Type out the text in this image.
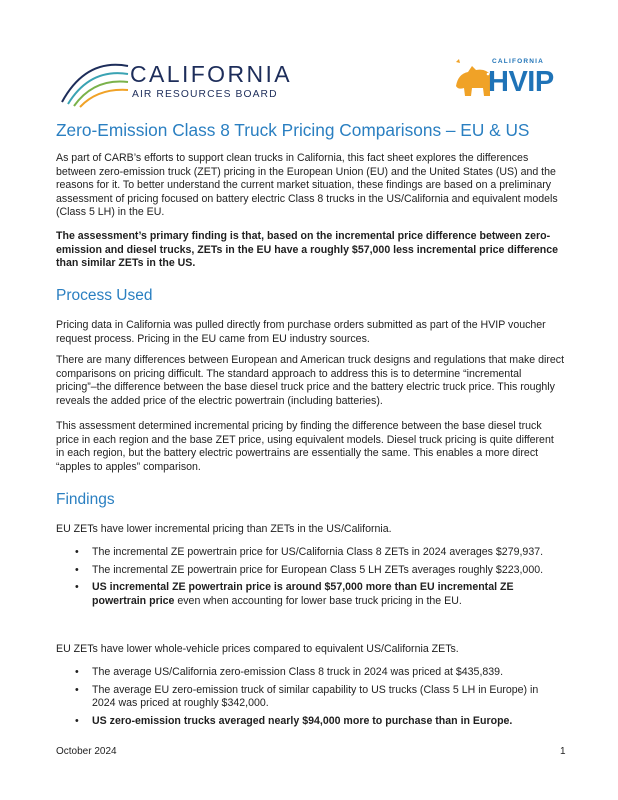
CALIFORNIA
AIR RESOURCES BOARD
CALIFORNIA
HVIP
Zero-Emission Class 8 Truck Pricing Comparisons – EU & US

As part of CARB’s efforts to support clean trucks in California, this fact sheet explores the differences between zero-emission truck (ZET) pricing in the European Union (EU) and the United States (US) and the reasons for it. To better understand the current market situation, these findings are based on a preliminary assessment of pricing focused on battery electric Class 8 trucks in the US/California and equivalent models (Class 5 LH) in the EU.

The assessment’s primary finding is that, based on the incremental price difference between zero-emission and diesel trucks, ZETs in the EU have a roughly $57,000 less incremental price difference than similar ZETs in the US.

Process Used

Pricing data in California was pulled directly from purchase orders submitted as part of the HVIP voucher request process. Pricing in the EU came from EU industry sources.

There are many differences between European and American truck designs and regulations that make direct comparisons on pricing difficult. The standard approach to address this is to determine “incremental pricing”–the difference between the base diesel truck price and the battery electric truck price. This roughly reveals the added price of the electric powertrain (including batteries).

This assessment determined incremental pricing by finding the difference between the base diesel truck price in each region and the base ZET price, using equivalent models. Diesel truck pricing is quite different in each region, but the battery electric powertrains are essentially the same. This enables a more direct “apples to apples” comparison.

Findings

EU ZETs have lower incremental pricing than ZETs in the US/California.

• The incremental ZE powertrain price for US/California Class 8 ZETs in 2024 averages $279,937.
• The incremental ZE powertrain price for European Class 5 LH ZETs averages roughly $223,000.
• US incremental ZE powertrain price is around $57,000 more than EU incremental ZE powertrain price even when accounting for lower base truck pricing in the EU.

EU ZETs have lower whole-vehicle prices compared to equivalent US/California ZETs.

• The average US/California zero-emission Class 8 truck in 2024 was priced at $435,839.
• The average EU zero-emission truck of similar capability to US trucks (Class 5 LH in Europe) in 2024 was priced at roughly $342,000.
• US zero-emission trucks averaged nearly $94,000 more to purchase than in Europe.
October 2024	1
